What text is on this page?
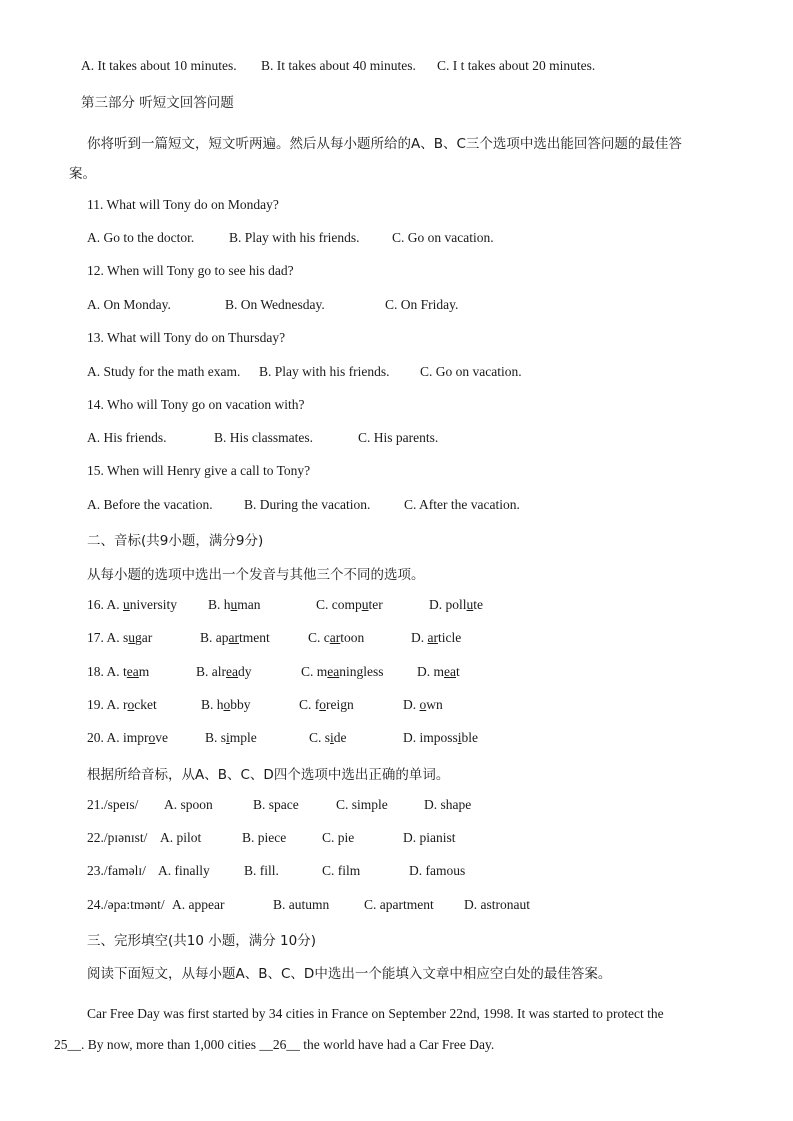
A. It takes about 10 minutes. B. It takes about 40 minutes. C. I t takes about 20 minutes.
第三部分 听短文回答问题
你将听到一篇短文，短文听两遍。然后从每小题所给的A、B、C三个选项中选出能回答问题的最佳答
案。
11. What will Tony do on Monday?
A. Go to the doctor.	B. Play with his friends. C. Go on vacation.
12. When will Tony go to see his dad?
A. On Monday.	B. On Wednesday.	C. On Friday.
13. What will Tony do on Thursday?
A. Study for the math exam. B. Play with his friends. C. Go on vacation.
14. Who will Tony go on vacation with?
A. His friends.	B. His classmates.	C. His parents.
15. When will Henry give a call to Tony?
A. Before the vacation. B. During the vacation. C. After the vacation.
二、音标(共9小题，满分9分)
从每小题的选项中选出一个发音与其他三个不同的选项。
16. A. university B. human	C. computer	D. pollute
17. A. sugar	B. apartment	C. cartoon	D. article
18. A. team	B. already	C. meaningless D. meat
19. A. rocket	B. hobby	C. foreign	D. own
20. A. improve	B. simple	C. side	D. impossible
根据所给音标，从A、B、C、D四个选项中选出正确的单词。
21./speɪs/ A. spoon	B. space	C. simple	D. shape
22./pɪənɪst/ A. pilot	B. piece	C. pie	D. pianist
23./faməlɪ/ A. finally	B. fill.	C. film	D. famous
24./əpa:tmənt/ A. appear	B. autumn	C. apartment D. astronaut
三、完形填空(共10 小题，满分 10分)
阅读下面短文，从每小题A、B、C、D中选出一个能填入文章中相应空白处的最佳答案。
Car Free Day was first started by 34 cities in France on September 22nd, 1998. It was started to protect the
25__. By now, more than 1,000 cities __26__ the world have had a Car Free Day.
